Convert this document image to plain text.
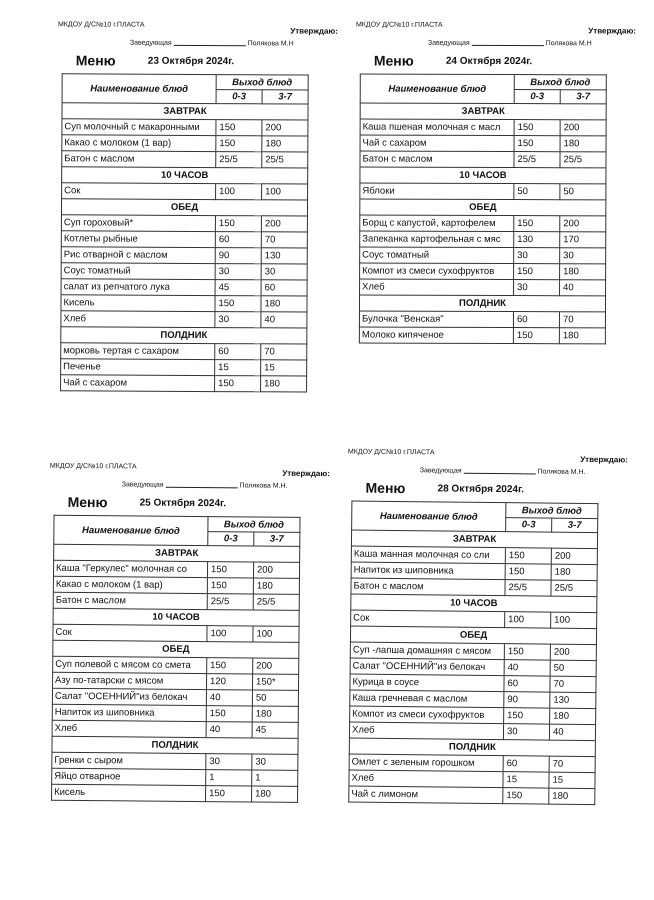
МКДОУ Д/С№10 г.ПЛАСТА
Утверждаю:
Заведующая	Полякова М.Н
Меню	23 Октября 2024г.
Наименование блюд	Выход блюд	
	0-3	3-7
ЗАВТРАК		
Суп молочный с макаронными	150	200
Какао с молоком (1 вар)	150	180
Батон с маслом	25/5	25/5
10 ЧАСОВ		
Сок	100	100
ОБЕД		
Суп гороховый*	150	200
Котлеты рыбные	60	70
Рис отварной с маслом	90	130
Соус томатный	30	30
салат из репчатого лука	45	60
Кисель	150	180
Хлеб	30	40
ПОЛДНИК		
морковь тертая с сахаром	60	70
Печенье	15	15
Чай с сахаром	150	180
МКДОУ Д/С№10 г.ПЛАСТА
Утверждаю:
Заведующая	Полякова М.Н
Меню	24 Октября 2024г.
Наименование блюд	Выход блюд	
	0-3	3-7
ЗАВТРАК		
Каша пшеная молочная с масл	150	200
Чай с сахаром	150	180
Батон с маслом	25/5	25/5
10 ЧАСОВ		
Яблоки	50	50
ОБЕД		
Борщ с капустой, картофелем	150	200
Запеканка картофельная с мяс	130	170
Соус томатный	30	30
Компот из смеси сухофруктов	150	180
Хлеб	30	40
ПОЛДНИК		
Булочка "Венская"	60	70
Молоко кипяченое	150	180
МКДОУ Д/С№10 г.ПЛАСТА
Утверждаю:
Заведующая	Полякова М.Н.
Меню	25 Октября 2024г.
Наименование блюд	Выход блюд	
	0-3	3-7
ЗАВТРАК		
Каша "Геркулес" молочная со	150	200
Какао с молоком (1 вар)	150	180
Батон с маслом	25/5	25/5
10 ЧАСОВ		
Сок	100	100
ОБЕД		
Суп полевой с мясом со смета	150	200
Азу по-татарски с мясом	120	150*
Салат "ОСЕННИЙ"из белокач	40	50
Напиток из шиповника	150	180
Хлеб	40	45
ПОЛДНИК		
Гренки с сыром	30	30
Яйцо отварное	1	1
Кисель	150	180
МКДОУ Д/С№10 г.ПЛАСТА
Утверждаю:
Заведующая	Полякова М.Н.
Меню	28 Октября 2024г.
Наименование блюд	Выход блюд	
	0-3	3-7
ЗАВТРАК		
Каша манная молочная со сли	150	200
Напиток из шиповника	150	180
Батон с маслом	25/5	25/5
10 ЧАСОВ		
Сок	100	100
ОБЕД		
Суп -лапша домашняя с мясом	150	200
Салат "ОСЕННИЙ"из белокач	40	50
Курица в соусе	60	70
Каша гречневая с маслом	90	130
Компот из смеси сухофруктов	150	180
Хлеб	30	40
ПОЛДНИК		
Омлет с зеленым горошком	60	70
Хлеб	15	15
Чай с лимоном	150	180
